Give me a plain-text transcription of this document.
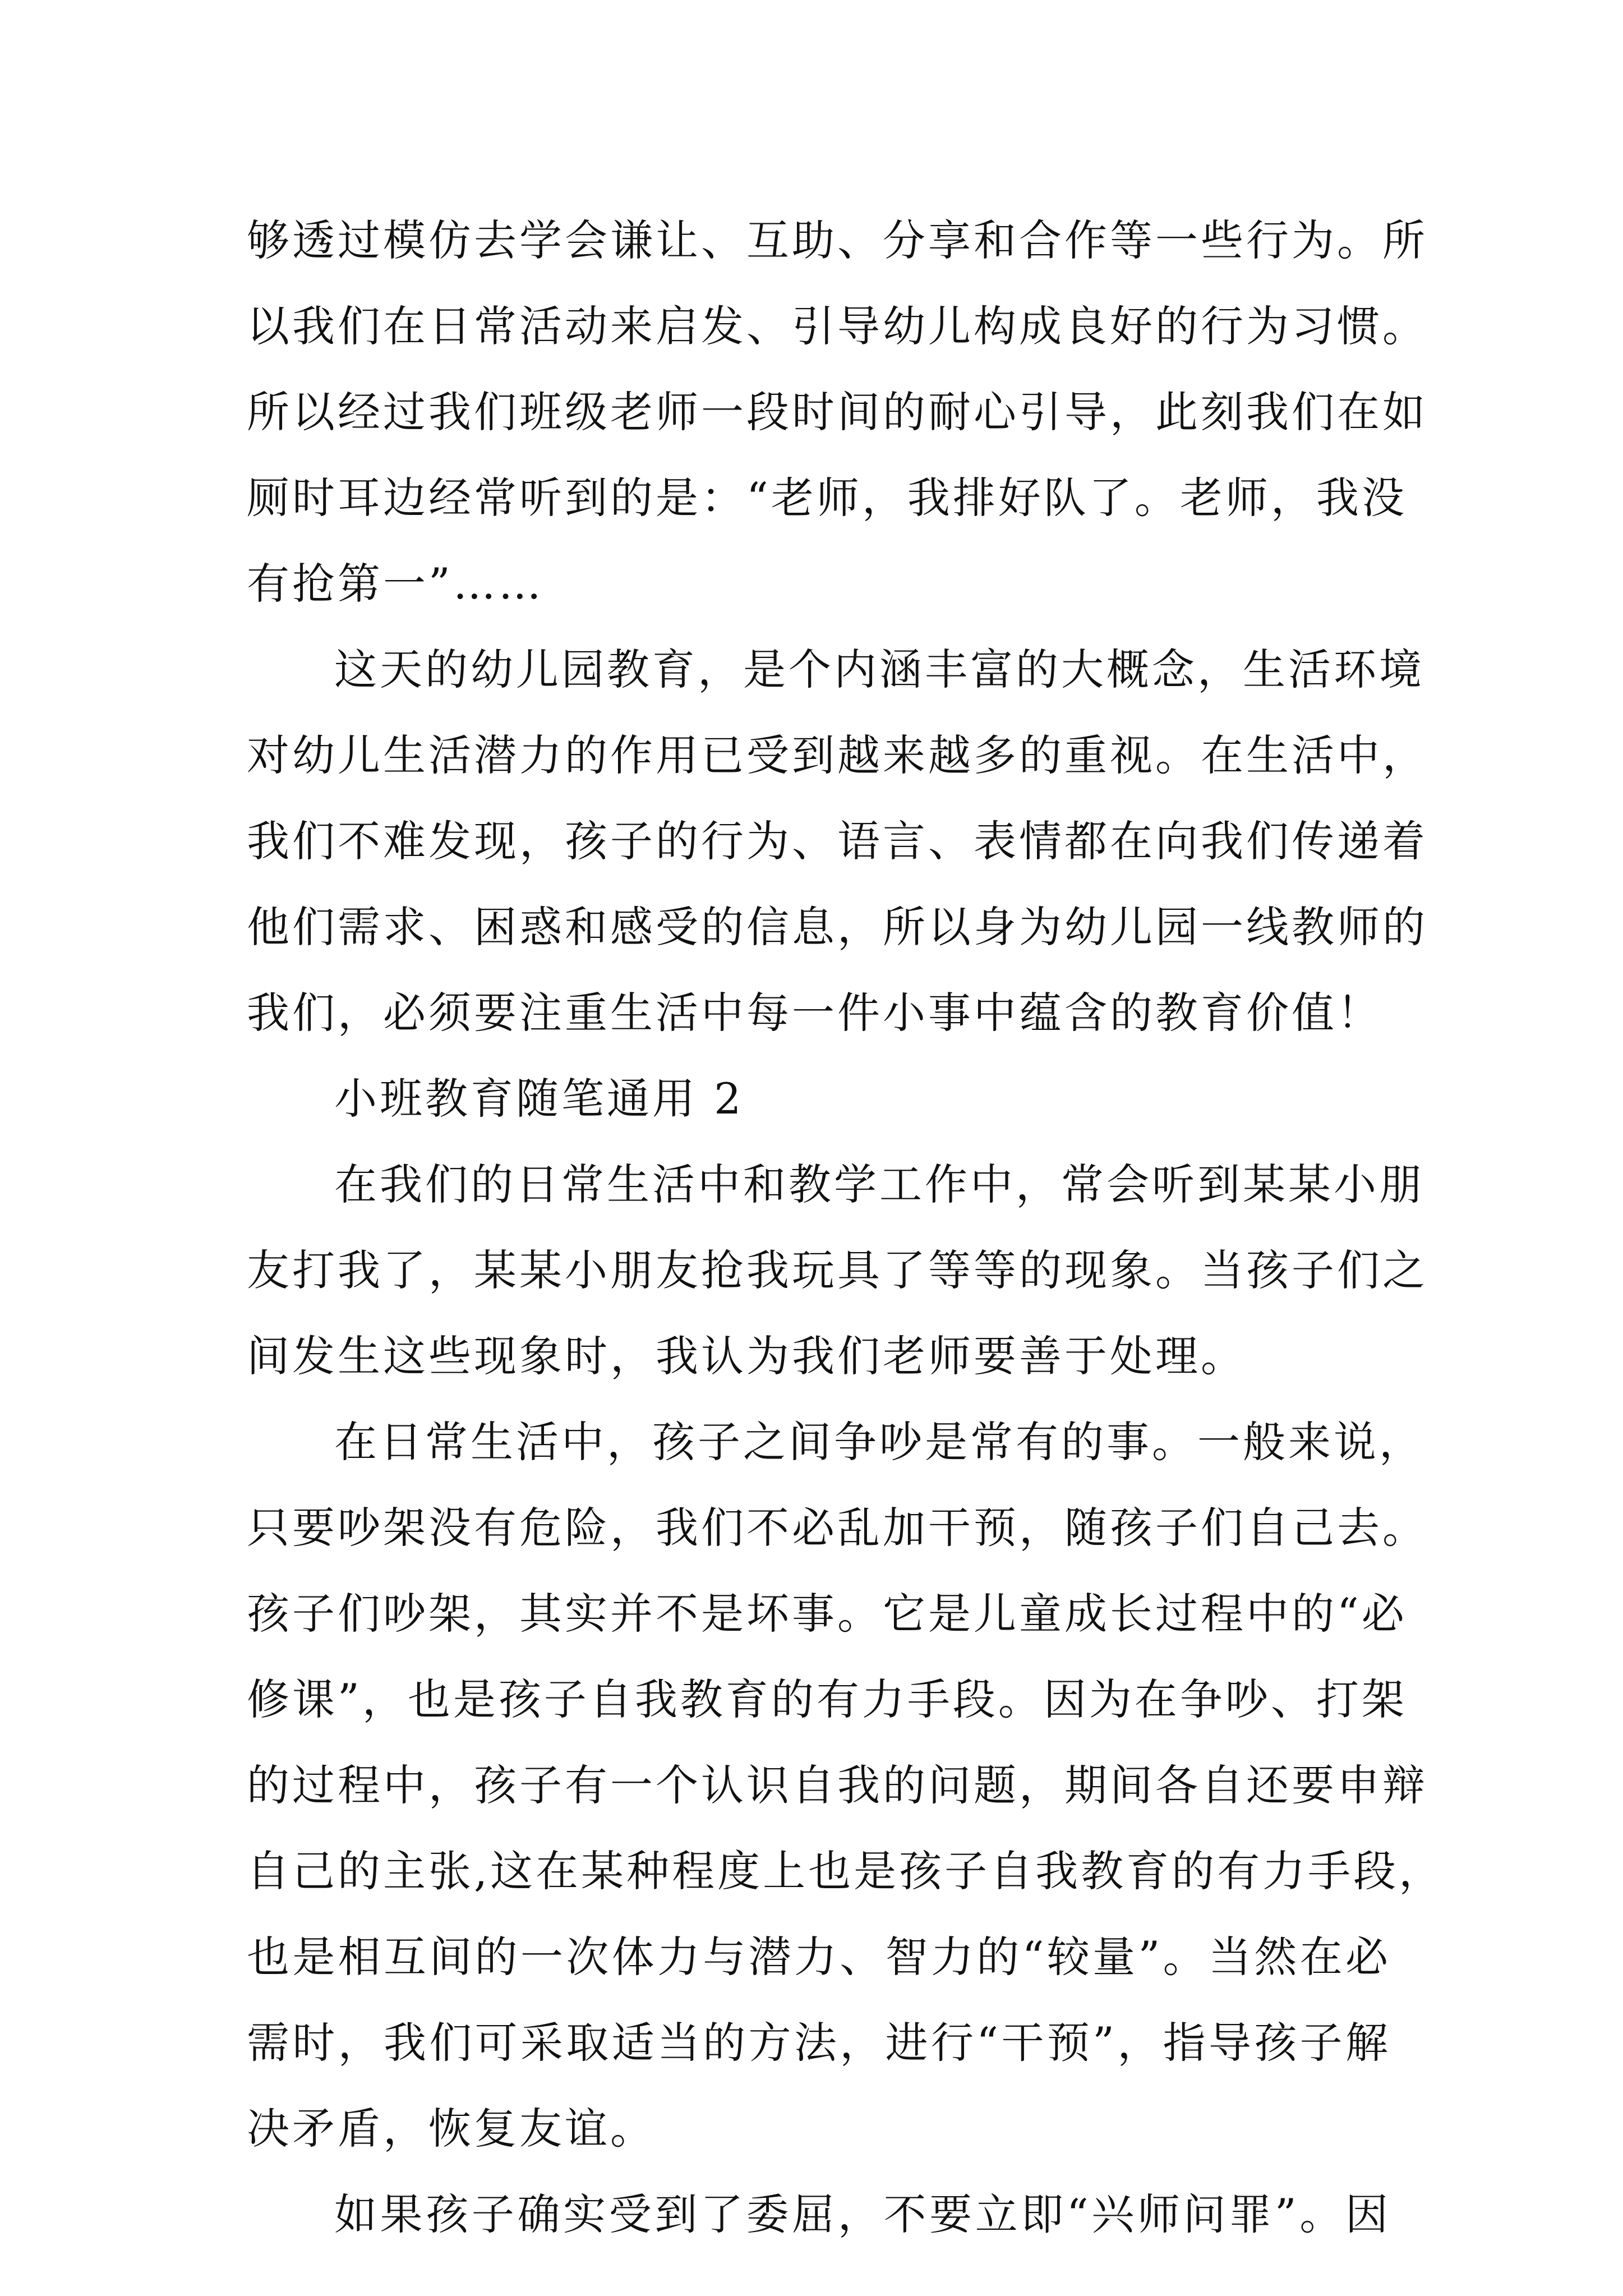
够透过模仿去学会谦让、互助、分享和合作等一些行为。所
以我们在日常活动来启发、引导幼儿构成良好的行为习惯。
所以经过我们班级老师一段时间的耐心引导，此刻我们在如
厕时耳边经常听到的是：“老师，我排好队了。老师，我没
有抢第一”……
这天的幼儿园教育，是个内涵丰富的大概念，生活环境
对幼儿生活潜力的作用已受到越来越多的重视。在生活中，
我们不难发现，孩子的行为、语言、表情都在向我们传递着
他们需求、困惑和感受的信息，所以身为幼儿园一线教师的
我们，必须要注重生活中每一件小事中蕴含的教育价值！
小班教育随笔通用 2
在我们的日常生活中和教学工作中，常会听到某某小朋
友打我了，某某小朋友抢我玩具了等等的现象。当孩子们之
间发生这些现象时，我认为我们老师要善于处理。
在日常生活中，孩子之间争吵是常有的事。一般来说，
只要吵架没有危险，我们不必乱加干预，随孩子们自己去。
孩子们吵架，其实并不是坏事。它是儿童成长过程中的“必
修课”，也是孩子自我教育的有力手段。因为在争吵、打架
的过程中，孩子有一个认识自我的问题，期间各自还要申辩
自己的主张,这在某种程度上也是孩子自我教育的有力手段，
也是相互间的一次体力与潜力、智力的“较量”。当然在必
需时，我们可采取适当的方法，进行“干预”，指导孩子解
决矛盾，恢复友谊。
如果孩子确实受到了委屈，不要立即“兴师问罪”。因
